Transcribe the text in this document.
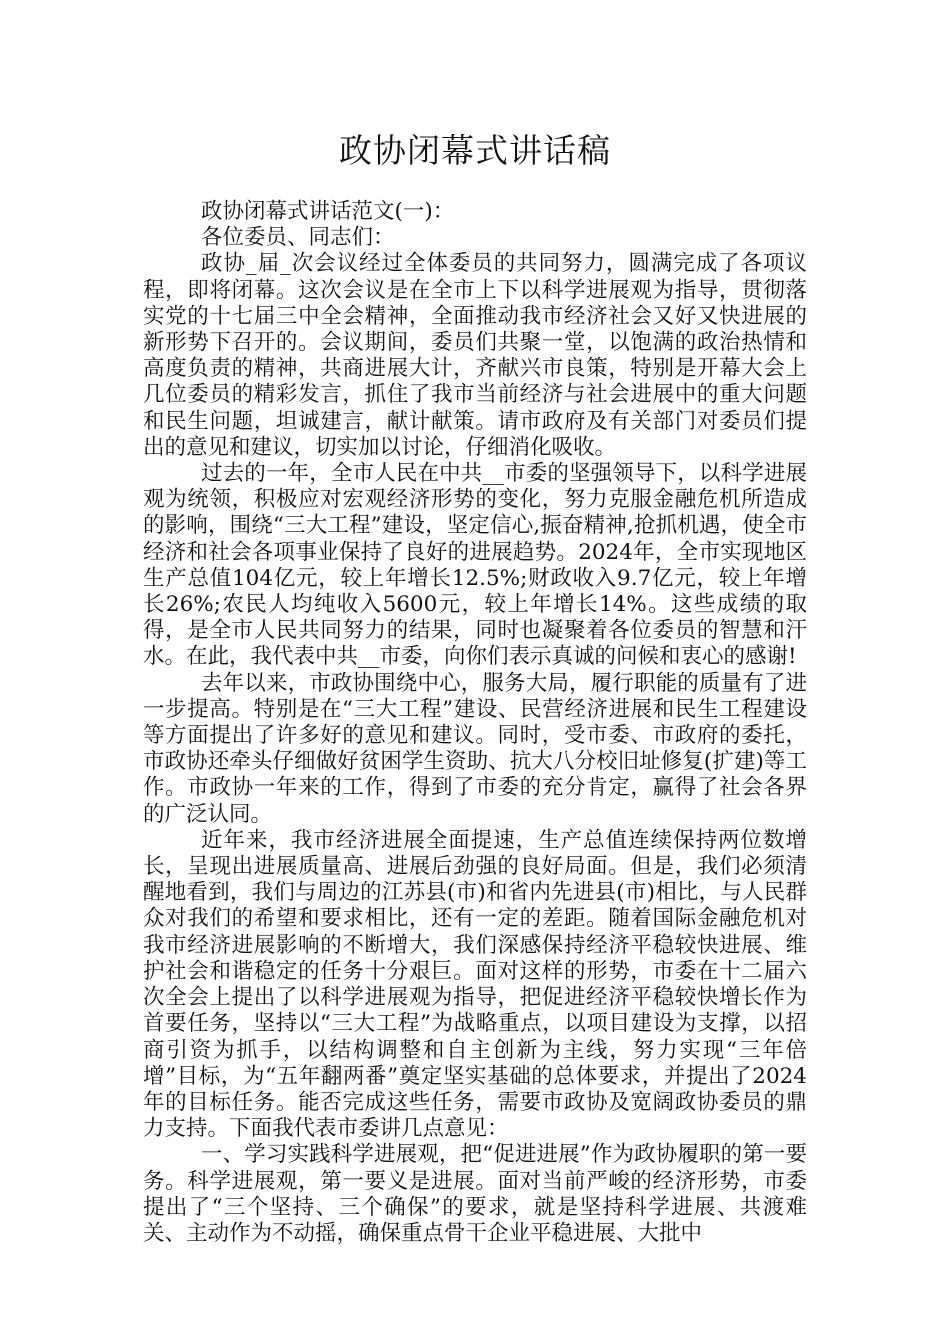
政协闭幕式讲话稿

政协闭幕式讲话范文(一)：

各位委员、同志们：

政协_届_次会议经过全体委员的共同努力，圆满完成了各项议程，即将闭幕。这次会议是在全市上下以科学进展观为指导，贯彻落实党的十七届三中全会精神，全面推动我市经济社会又好又快进展的新形势下召开的。会议期间，委员们共聚一堂，以饱满的政治热情和高度负责的精神，共商进展大计，齐献兴市良策，特别是开幕大会上几位委员的精彩发言，抓住了我市当前经济与社会进展中的重大问题和民生问题，坦诚建言，献计献策。请市政府及有关部门对委员们提出的意见和建议，切实加以讨论，仔细消化吸收。

过去的一年，全市人民在中共__市委的坚强领导下，以科学进展观为统领，积极应对宏观经济形势的变化，努力克服金融危机所造成的影响，围绕“三大工程”建设，坚定信心,振奋精神,抢抓机遇，使全市经济和社会各项事业保持了良好的进展趋势。2024年，全市实现地区生产总值104亿元，较上年增长12.5%;财政收入9.7亿元，较上年增长26%;农民人均纯收入5600元，较上年增长14%。这些成绩的取得，是全市人民共同努力的结果，同时也凝聚着各位委员的智慧和汗水。在此，我代表中共__市委，向你们表示真诚的问候和衷心的感谢!

去年以来，市政协围绕中心，服务大局，履行职能的质量有了进一步提高。特别是在“三大工程”建设、民营经济进展和民生工程建设等方面提出了许多好的意见和建议。同时，受市委、市政府的委托，市政协还牵头仔细做好贫困学生资助、抗大八分校旧址修复(扩建)等工作。市政协一年来的工作，得到了市委的充分肯定，赢得了社会各界的广泛认同。

近年来，我市经济进展全面提速，生产总值连续保持两位数增长，呈现出进展质量高、进展后劲强的良好局面。但是，我们必须清醒地看到，我们与周边的江苏县(市)和省内先进县(市)相比，与人民群众对我们的希望和要求相比，还有一定的差距。随着国际金融危机对我市经济进展影响的不断增大，我们深感保持经济平稳较快进展、维护社会和谐稳定的任务十分艰巨。面对这样的形势，市委在十二届六次全会上提出了以科学进展观为指导，把促进经济平稳较快增长作为首要任务，坚持以“三大工程”为战略重点，以项目建设为支撑，以招商引资为抓手，以结构调整和自主创新为主线，努力实现“三年倍增”目标，为“五年翻两番”奠定坚实基础的总体要求，并提出了2024年的目标任务。能否完成这些任务，需要市政协及宽阔政协委员的鼎力支持。下面我代表市委讲几点意见：

一、学习实践科学进展观，把“促进进展”作为政协履职的第一要务。科学进展观，第一要义是进展。面对当前严峻的经济形势，市委提出了“三个坚持、三个确保”的要求，就是坚持科学进展、共渡难关、主动作为不动摇，确保重点骨干企业平稳进展、大批中
